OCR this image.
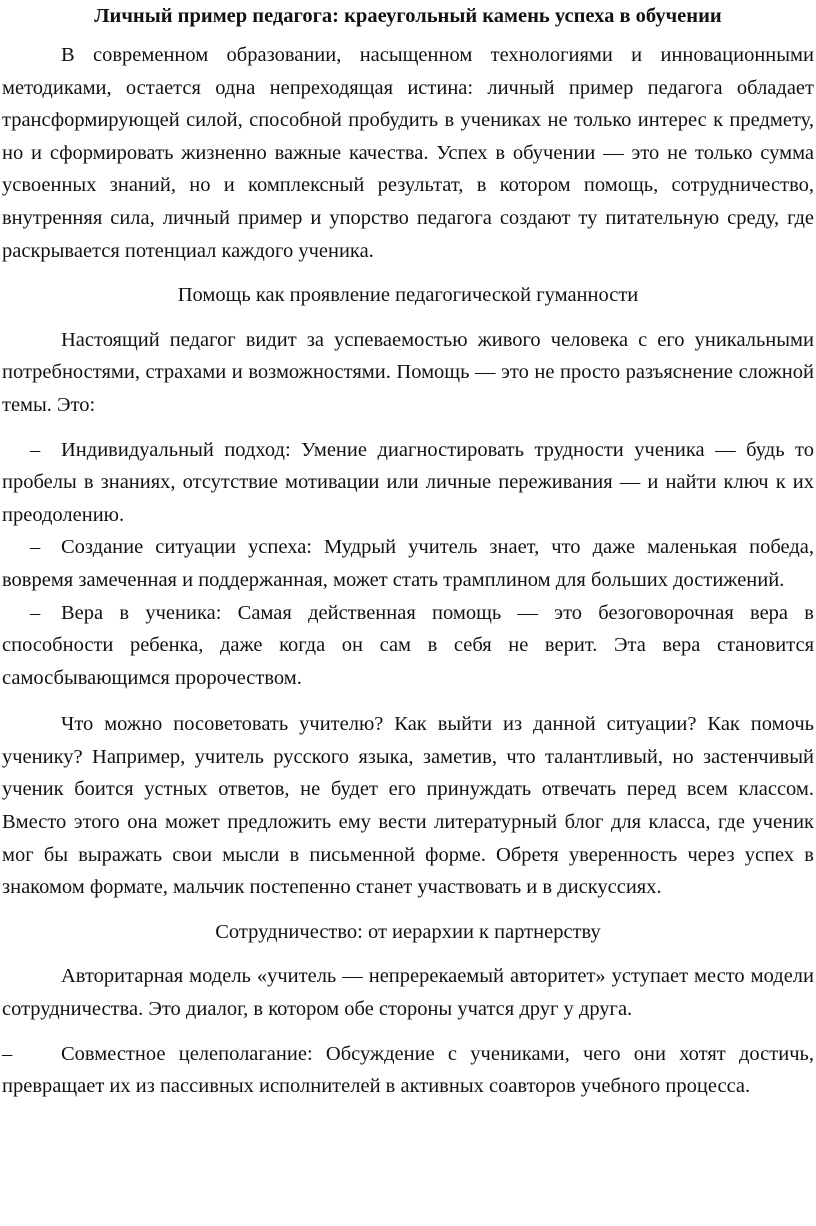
Личный пример педагога: краеугольный камень успеха в обучении

В современном образовании, насыщенном технологиями и инновационными методиками, остается одна непреходящая истина: личный пример педагога обладает трансформирующей силой, способной пробудить в учениках не только интерес к предмету, но и сформировать жизненно важные качества. Успех в обучении — это не только сумма усвоенных знаний, но и комплексный результат, в котором помощь, сотрудничество, внутренняя сила, личный пример и упорство педагога создают ту питательную среду, где раскрывается потенциал каждого ученика.

Помощь как проявление педагогической гуманности

Настоящий педагог видит за успеваемостью живого человека с его уникальными потребностями, страхами и возможностями. Помощь — это не просто разъяснение сложной темы. Это:

– Индивидуальный подход: Умение диагностировать трудности ученика — будь то пробелы в знаниях, отсутствие мотивации или личные переживания — и найти ключ к их преодолению.

– Создание ситуации успеха: Мудрый учитель знает, что даже маленькая победа, вовремя замеченная и поддержанная, может стать трамплином для больших достижений.

– Вера в ученика: Самая действенная помощь — это безоговорочная вера в способности ребенка, даже когда он сам в себя не верит. Эта вера становится самосбывающимся пророчеством.

Что можно посоветовать учителю? Как выйти из данной ситуации? Как помочь ученику? Например, учитель русского языка, заметив, что талантливый, но застенчивый ученик боится устных ответов, не будет его принуждать отвечать перед всем классом. Вместо этого она может предложить ему вести литературный блог для класса, где ученик мог бы выражать свои мысли в письменной форме. Обретя уверенность через успех в знакомом формате, мальчик постепенно станет участвовать и в дискуссиях.

Сотрудничество: от иерархии к партнерству

Авторитарная модель «учитель — непререкаемый авторитет» уступает место модели сотрудничества. Это диалог, в котором обе стороны учатся друг у друга.

– Совместное целеполагание: Обсуждение с учениками, чего они хотят достичь, превращает их из пассивных исполнителей в активных соавторов учебного процесса.
